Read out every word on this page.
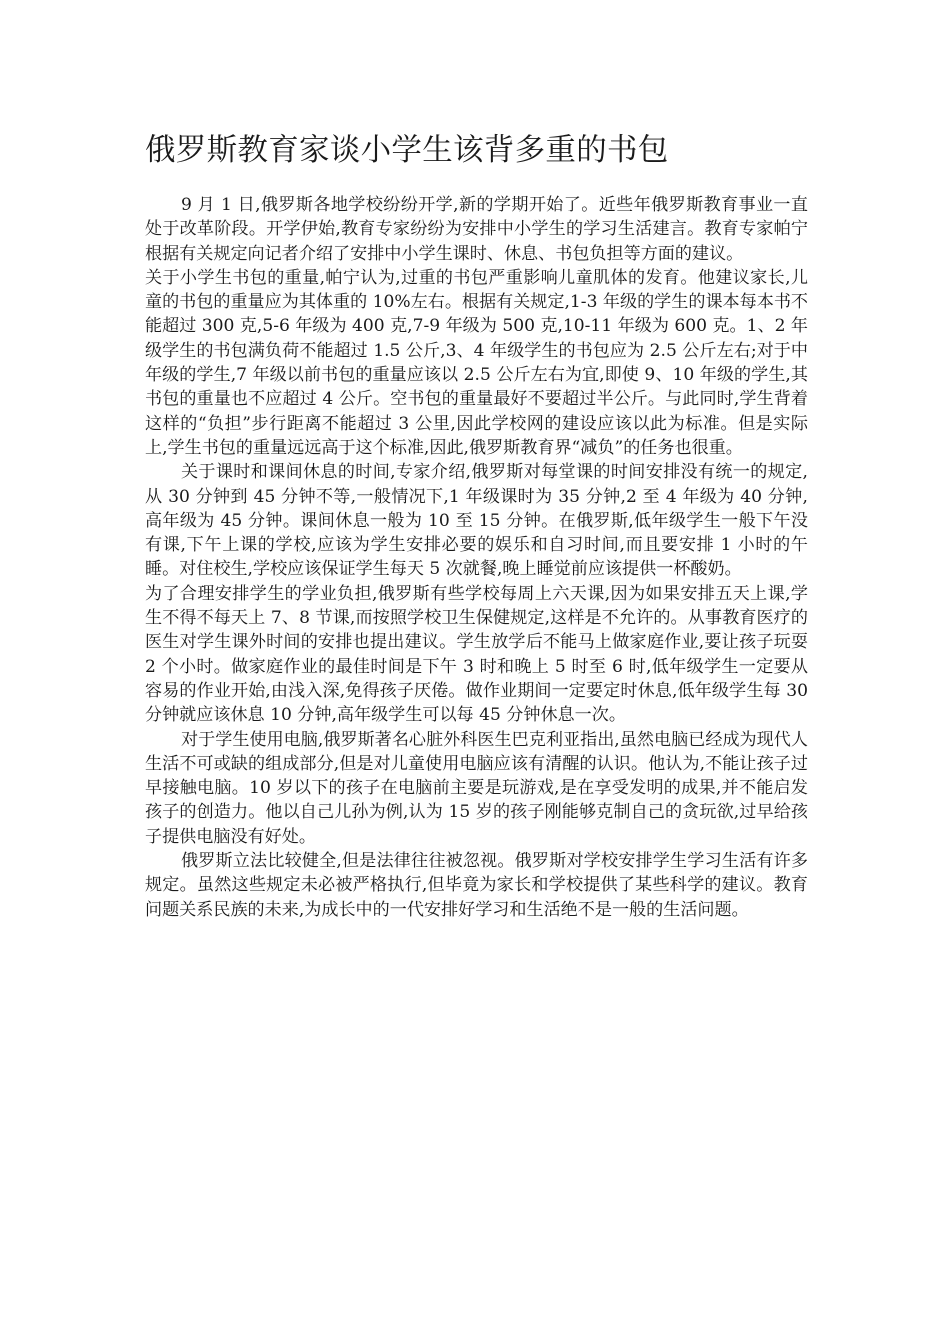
俄罗斯教育家谈小学生该背多重的书包

9 月 1 日,俄罗斯各地学校纷纷开学,新的学期开始了。近些年俄罗斯教育事业一直处于改革阶段。开学伊始,教育专家纷纷为安排中小学生的学习生活建言。教育专家帕宁根据有关规定向记者介绍了安排中小学生课时、休息、书包负担等方面的建议。

关于小学生书包的重量,帕宁认为,过重的书包严重影响儿童肌体的发育。他建议家长,儿童的书包的重量应为其体重的 10%左右。根据有关规定,1-3 年级的学生的课本每本书不能超过 300 克,5-6 年级为 400 克,7-9 年级为 500 克,10-11 年级为 600 克。1、2 年级学生的书包满负荷不能超过 1.5 公斤,3、4 年级学生的书包应为 2.5 公斤左右;对于中年级的学生,7 年级以前书包的重量应该以 2.5 公斤左右为宜,即使 9、10 年级的学生,其书包的重量也不应超过 4 公斤。空书包的重量最好不要超过半公斤。与此同时,学生背着这样的“负担”步行距离不能超过 3 公里,因此学校网的建设应该以此为标准。但是实际上,学生书包的重量远远高于这个标准,因此,俄罗斯教育界“减负”的任务也很重。

关于课时和课间休息的时间,专家介绍,俄罗斯对每堂课的时间安排没有统一的规定,从 30 分钟到 45 分钟不等,一般情况下,1 年级课时为 35 分钟,2 至 4 年级为 40 分钟,高年级为 45 分钟。课间休息一般为 10 至 15 分钟。在俄罗斯,低年级学生一般下午没有课,下午上课的学校,应该为学生安排必要的娱乐和自习时间,而且要安排 1 小时的午睡。对住校生,学校应该保证学生每天 5 次就餐,晚上睡觉前应该提供一杯酸奶。

为了合理安排学生的学业负担,俄罗斯有些学校每周上六天课,因为如果安排五天上课,学生不得不每天上 7、8 节课,而按照学校卫生保健规定,这样是不允许的。从事教育医疗的医生对学生课外时间的安排也提出建议。学生放学后不能马上做家庭作业,要让孩子玩耍 2 个小时。做家庭作业的最佳时间是下午 3 时和晚上 5 时至 6 时,低年级学生一定要从容易的作业开始,由浅入深,免得孩子厌倦。做作业期间一定要定时休息,低年级学生每 30 分钟就应该休息 10 分钟,高年级学生可以每 45 分钟休息一次。

对于学生使用电脑,俄罗斯著名心脏外科医生巴克利亚指出,虽然电脑已经成为现代人生活不可或缺的组成部分,但是对儿童使用电脑应该有清醒的认识。他认为,不能让孩子过早接触电脑。10 岁以下的孩子在电脑前主要是玩游戏,是在享受发明的成果,并不能启发孩子的创造力。他以自己儿孙为例,认为 15 岁的孩子刚能够克制自己的贪玩欲,过早给孩子提供电脑没有好处。

俄罗斯立法比较健全,但是法律往往被忽视。俄罗斯对学校安排学生学习生活有许多规定。虽然这些规定未必被严格执行,但毕竟为家长和学校提供了某些科学的建议。教育问题关系民族的未来,为成长中的一代安排好学习和生活绝不是一般的生活问题。
